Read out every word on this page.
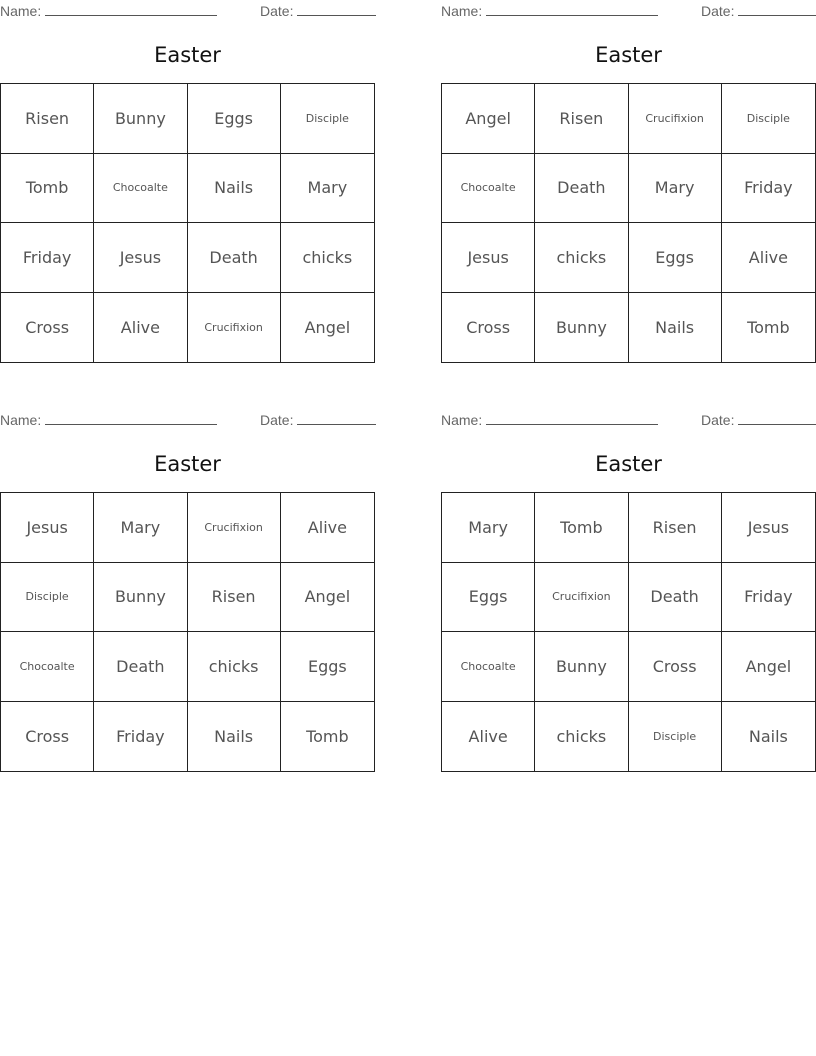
Name:	Date:
Easter
Risen	Bunny	Eggs	Disciple
Tomb	Chocoalte	Nails	Mary
Friday	Jesus	Death	chicks
Cross	Alive	Crucifixion	Angel
Name:	Date:
Easter
Angel	Risen	Crucifixion	Disciple
Chocoalte	Death	Mary	Friday
Jesus	chicks	Eggs	Alive
Cross	Bunny	Nails	Tomb
Name:	Date:
Easter
Jesus	Mary	Crucifixion	Alive
Disciple	Bunny	Risen	Angel
Chocoalte	Death	chicks	Eggs
Cross	Friday	Nails	Tomb
Name:	Date:
Easter
Mary	Tomb	Risen	Jesus
Eggs	Crucifixion	Death	Friday
Chocoalte	Bunny	Cross	Angel
Alive	chicks	Disciple	Nails
